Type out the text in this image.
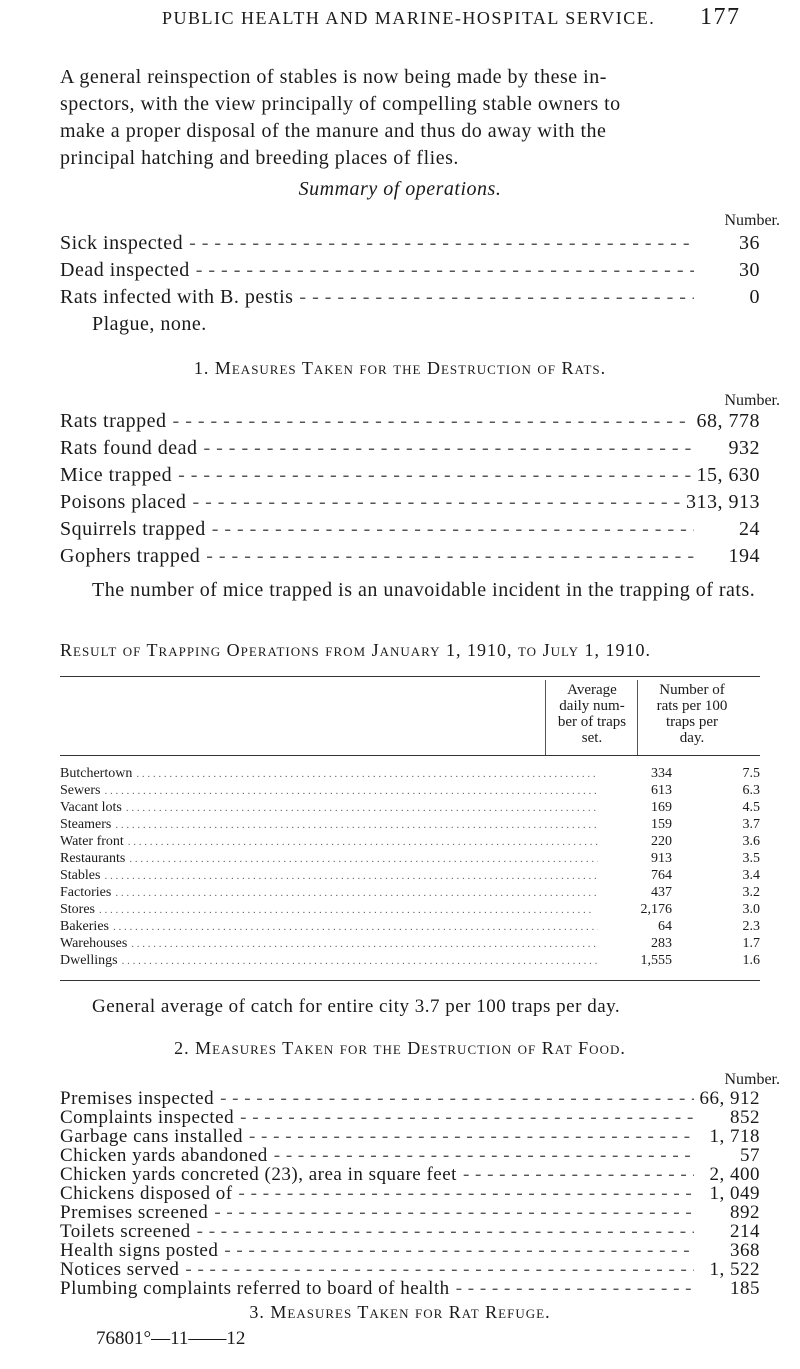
PUBLIC HEALTH AND MARINE-HOSPITAL SERVICE. 177
A general reinspection of stables is now being made by these in-
spectors, with the view principally of compelling stable owners to
make a proper disposal of the manure and thus do away with the
principal hatching and breeding places of flies.
Summary of operations.
Number.
Sick inspected - - -	36
Dead inspected - - -	30
Rats infected with B. pestis - - -	0
Plague, none.
1. Measures Taken for the Destruction of Rats.
Number.
Rats trapped - - -	68, 778
Rats found dead - - -	932
Mice trapped - - -	15, 630
Poisons placed - - -	313, 913
Squirrels trapped - - -	24
Gophers trapped - - -	194
The number of mice trapped is an unavoidable incident in the trapping of rats.
Result of Trapping Operations from January 1, 1910, to July 1, 1910.
Average
daily num-
ber of traps
set.
Number of
rats per 100
traps per
day.
Butchertown . . .	334	7.5
Sewers . . .	613	6.3
Vacant lots . . .	169	4.5
Steamers . . .	159	3.7
Water front . . .	220	3.6
Restaurants . . .	913	3.5
Stables . . .	764	3.4
Factories . . .	437	3.2
Stores . . .	2,176	3.0
Bakeries . . .	64	2.3
Warehouses . . .	283	1.7
Dwellings . . .	1,555	1.6
General average of catch for entire city 3.7 per 100 traps per day.
2. Measures Taken for the Destruction of Rat Food.
Number.
Premises inspected - - -	66, 912
Complaints inspected - - -	852
Garbage cans installed - - -	1, 718
Chicken yards abandoned - - -	57
Chicken yards concreted (23), area in square feet - - -	2, 400
Chickens disposed of - - -	1, 049
Premises screened - - -	892
Toilets screened - - -	214
Health signs posted - - -	368
Notices served - - -	1, 522
Plumbing complaints referred to board of health - - -	185
76801°—11——12
3. Measures Taken for Rat Refuge.
